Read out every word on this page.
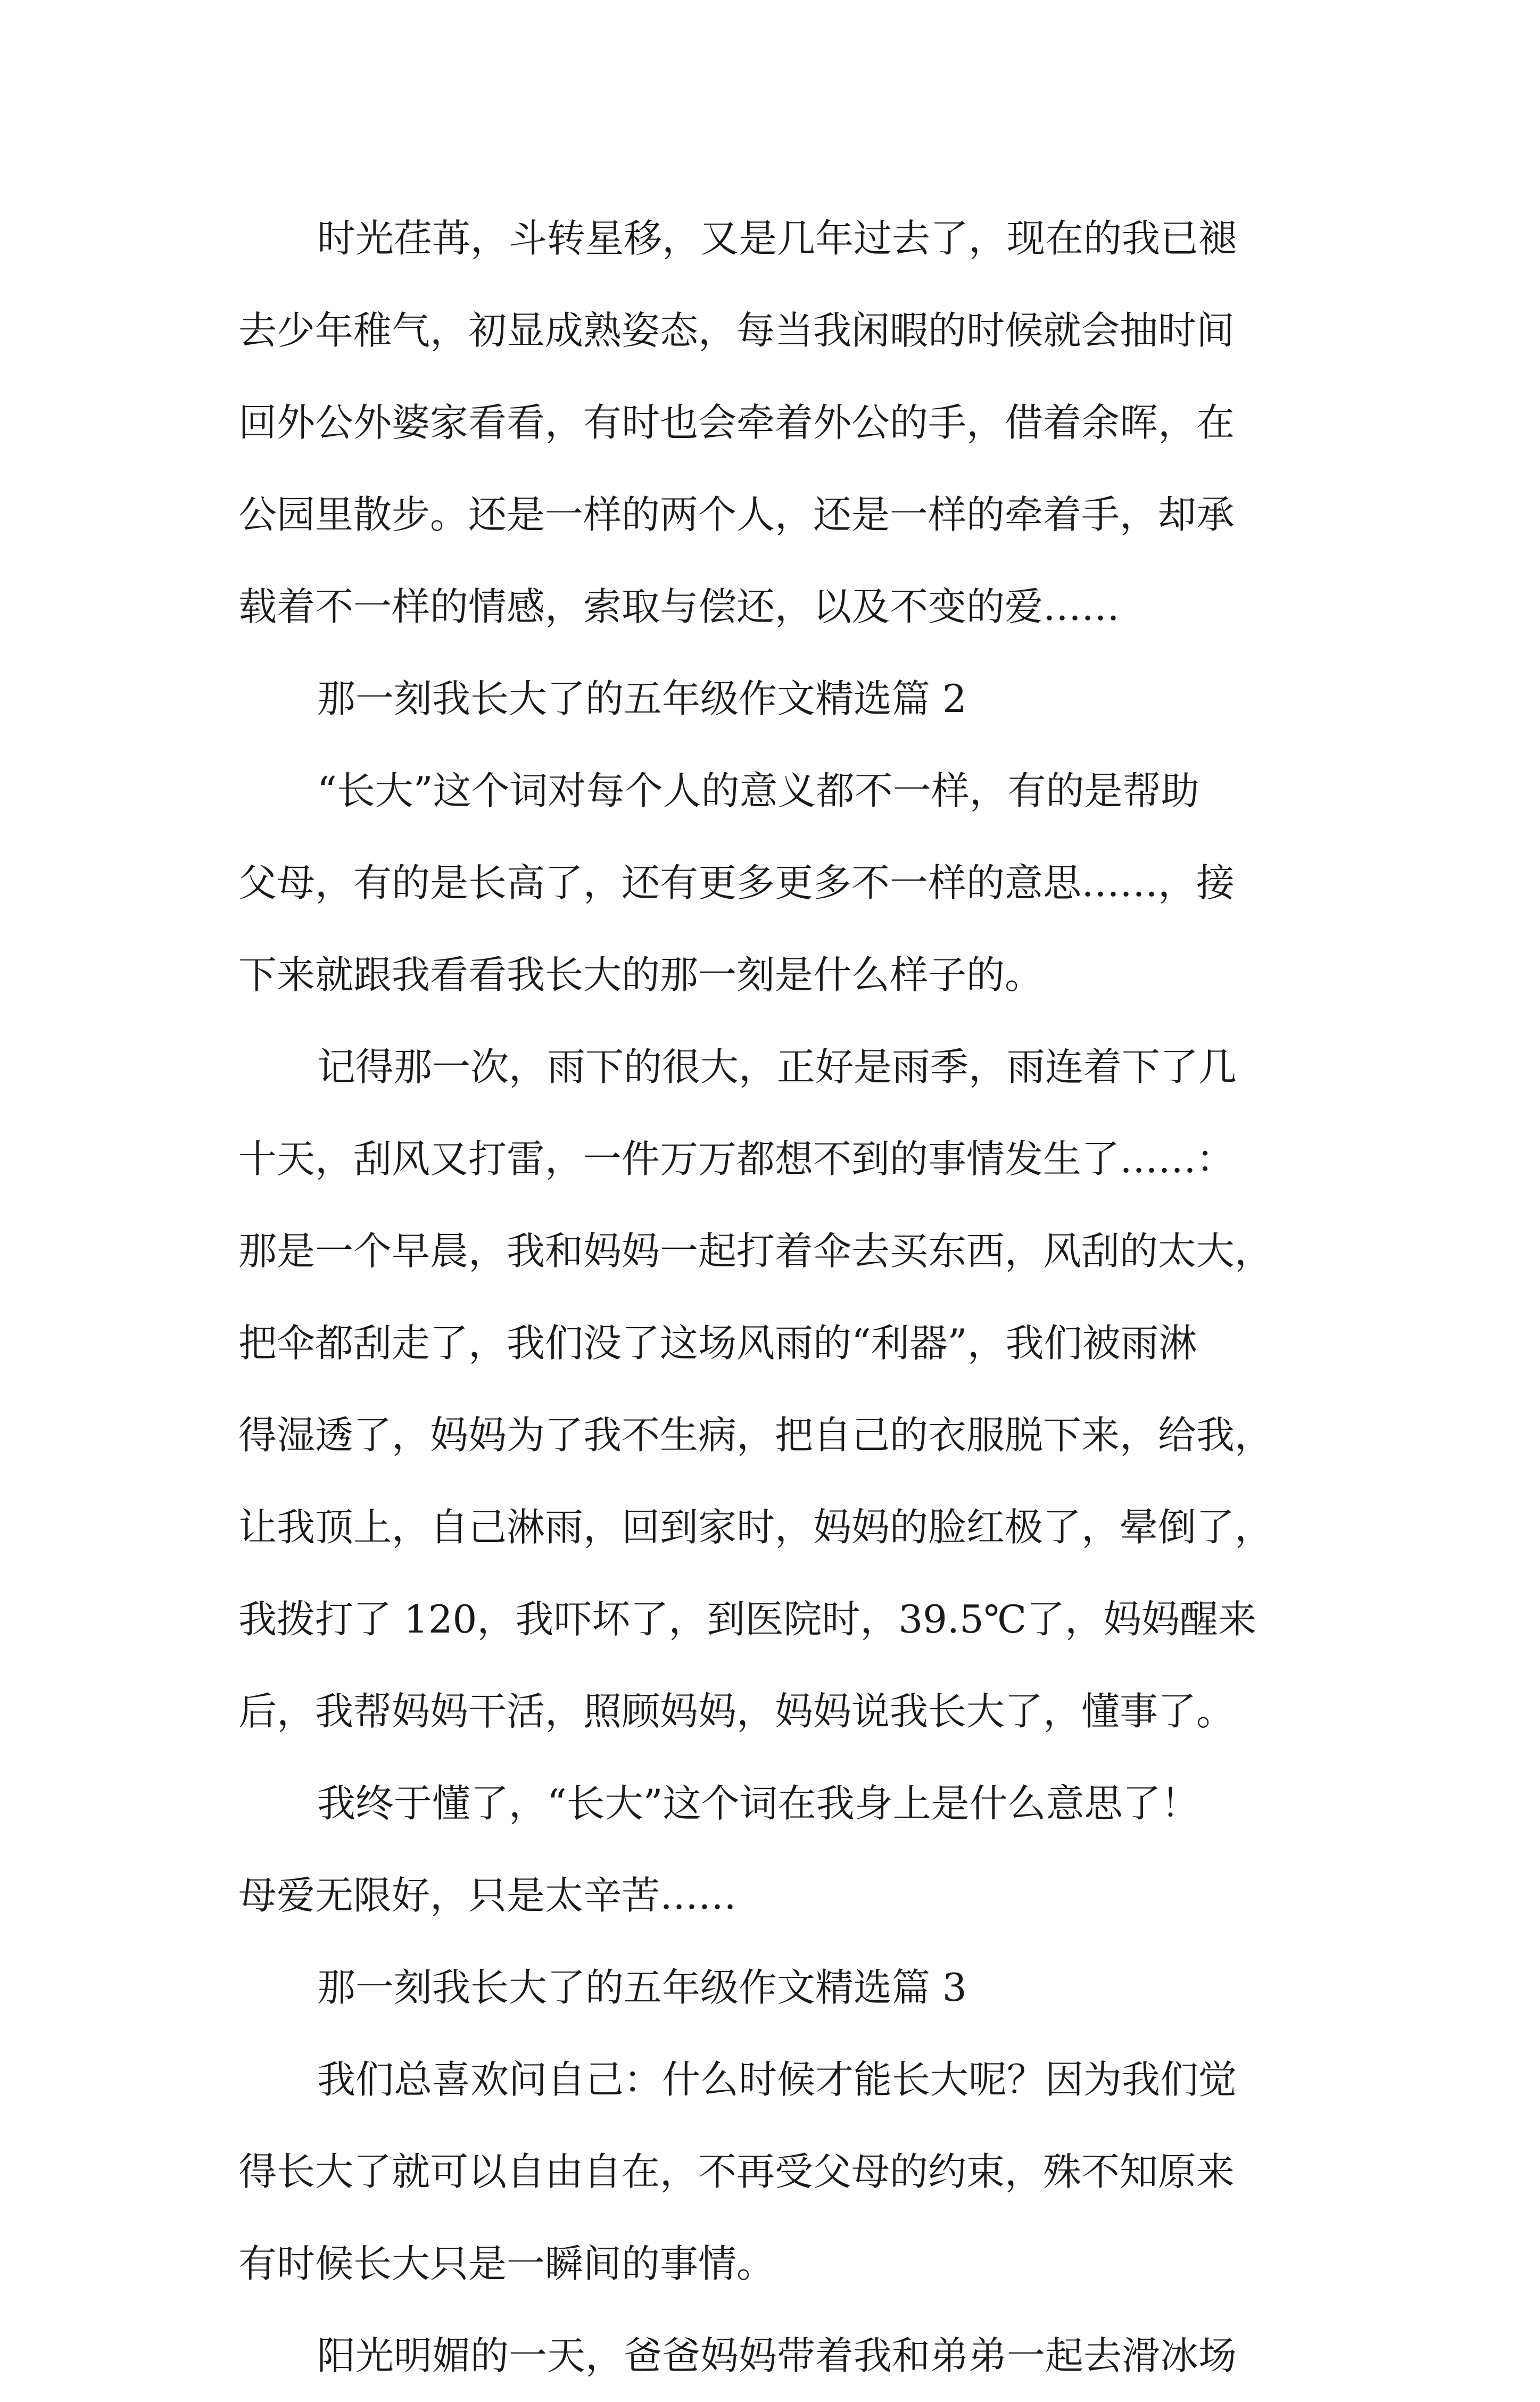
时光荏苒，斗转星移，又是几年过去了，现在的我已褪
去少年稚气，初显成熟姿态，每当我闲暇的时候就会抽时间
回外公外婆家看看，有时也会牵着外公的手，借着余晖，在
公园里散步。还是一样的两个人，还是一样的牵着手，却承
载着不一样的情感，索取与偿还，以及不变的爱……
那一刻我长大了的五年级作文精选篇 2
“长大”这个词对每个人的意义都不一样，有的是帮助
父母，有的是长高了，还有更多更多不一样的意思……，接
下来就跟我看看我长大的那一刻是什么样子的。
记得那一次，雨下的很大，正好是雨季，雨连着下了几
十天，刮风又打雷，一件万万都想不到的事情发生了……：
那是一个早晨，我和妈妈一起打着伞去买东西，风刮的太大，
把伞都刮走了，我们没了这场风雨的“利器”，我们被雨淋
得湿透了，妈妈为了我不生病，把自己的衣服脱下来，给我，
让我顶上，自己淋雨，回到家时，妈妈的脸红极了，晕倒了，
我拨打了 120，我吓坏了，到医院时，39.5℃了，妈妈醒来
后，我帮妈妈干活，照顾妈妈，妈妈说我长大了，懂事了。
我终于懂了，“长大”这个词在我身上是什么意思了！
母爱无限好，只是太辛苦……
那一刻我长大了的五年级作文精选篇 3
我们总喜欢问自己：什么时候才能长大呢？因为我们觉
得长大了就可以自由自在，不再受父母的约束，殊不知原来
有时候长大只是一瞬间的事情。
阳光明媚的一天，爸爸妈妈带着我和弟弟一起去滑冰场
